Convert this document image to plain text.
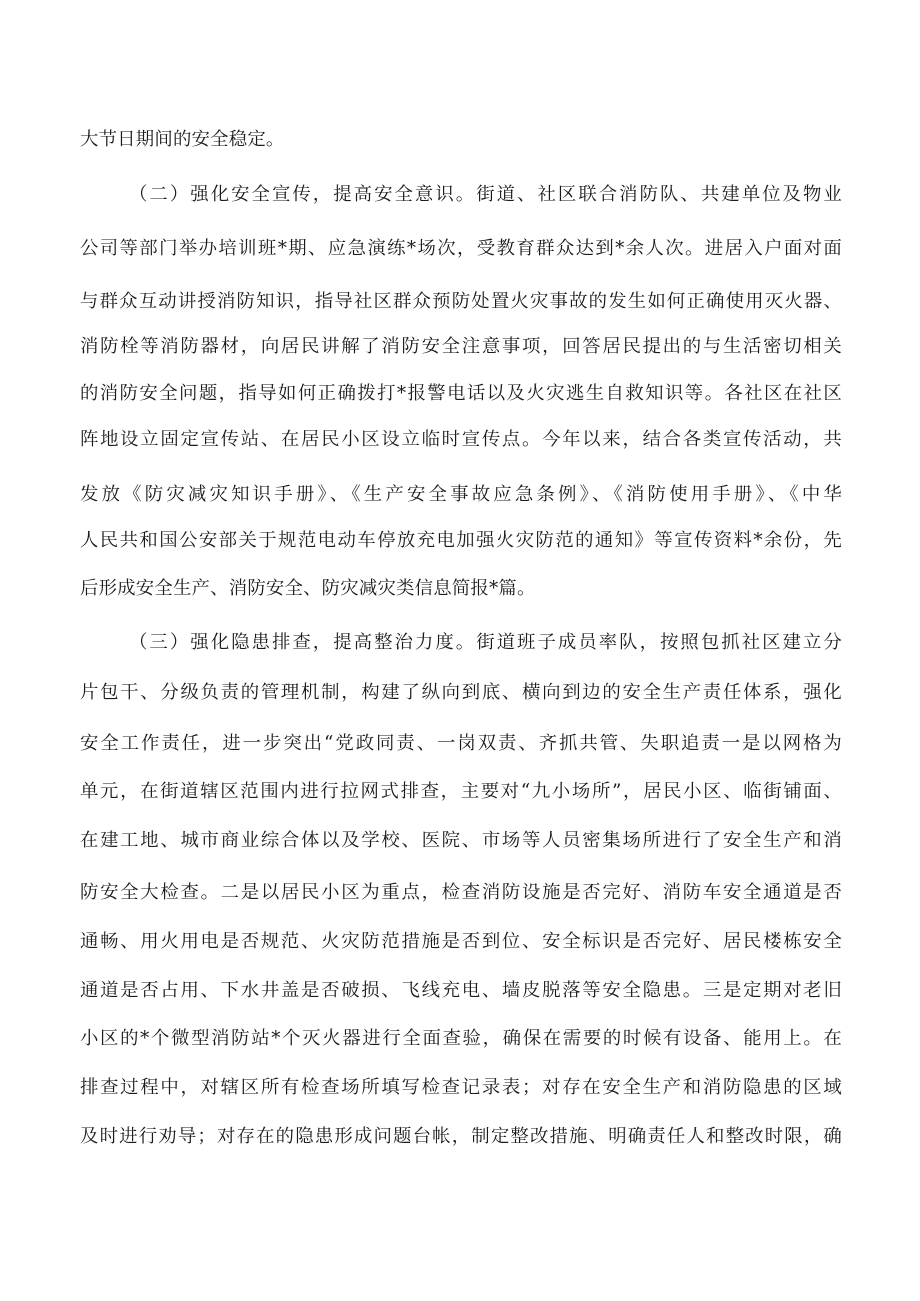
大节日期间的安全稳定。
（二）强化安全宣传，提高安全意识。街道、社区联合消防队、共建单位及物业
公司等部门举办培训班*期、应急演练*场次，受教育群众达到*余人次。进居入户面对面
与群众互动讲授消防知识，指导社区群众预防处置火灾事故的发生如何正确使用灭火器、
消防栓等消防器材，向居民讲解了消防安全注意事项，回答居民提出的与生活密切相关
的消防安全问题，指导如何正确拨打*报警电话以及火灾逃生自救知识等。各社区在社区
阵地设立固定宣传站、在居民小区设立临时宣传点。今年以来，结合各类宣传活动，共
发放《防灾减灾知识手册》、《生产安全事故应急条例》、《消防使用手册》、《中华
人民共和国公安部关于规范电动车停放充电加强火灾防范的通知》等宣传资料*余份，先
后形成安全生产、消防安全、防灾减灾类信息简报*篇。
（三）强化隐患排查，提高整治力度。街道班子成员率队，按照包抓社区建立分
片包干、分级负责的管理机制，构建了纵向到底、横向到边的安全生产责任体系，强化
安全工作责任，进一步突出“党政同责、一岗双责、齐抓共管、失职追责一是以网格为
单元，在街道辖区范围内进行拉网式排查，主要对“九小场所”，居民小区、临街铺面、
在建工地、城市商业综合体以及学校、医院、市场等人员密集场所进行了安全生产和消
防安全大检查。二是以居民小区为重点，检查消防设施是否完好、消防车安全通道是否
通畅、用火用电是否规范、火灾防范措施是否到位、安全标识是否完好、居民楼栋安全
通道是否占用、下水井盖是否破损、飞线充电、墙皮脱落等安全隐患。三是定期对老旧
小区的*个微型消防站*个灭火器进行全面查验，确保在需要的时候有设备、能用上。在
排查过程中，对辖区所有检查场所填写检查记录表；对存在安全生产和消防隐患的区域
及时进行劝导；对存在的隐患形成问题台帐，制定整改措施、明确责任人和整改时限，确
